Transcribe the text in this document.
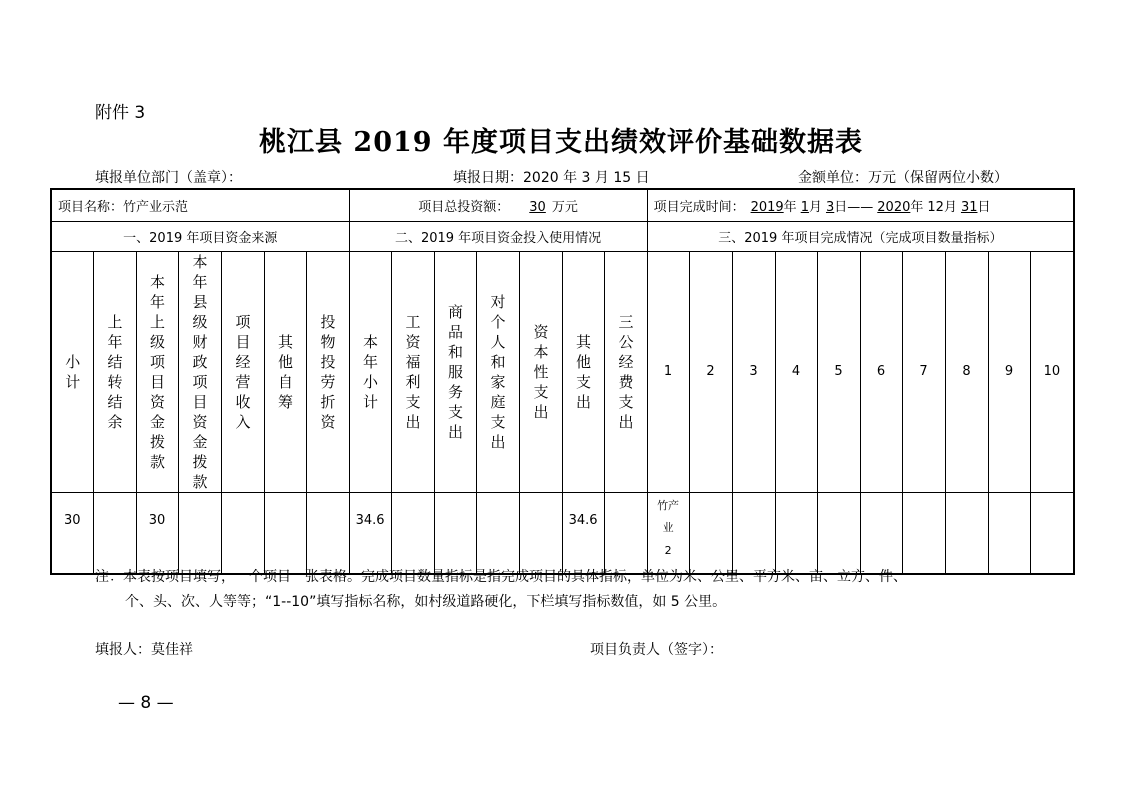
附件 3
桃江县 2019 年度项目支出绩效评价基础数据表
填报单位部门（盖章）：	填报日期：2020 年 3 月 15 日	金额单位：万元（保留两位小数）
项目名称：竹产业示范							项目总投资额： 30 万元							项目完成时间： 2019年 1月 3日—— 2020年 12月 31日									
一、2019 年项目资金来源							二、2019 年项目资金投入使用情况							三、2019 年项目完成情况（完成项目数量指标）									
小计	上年结转结余	本年上级项目资金拨款	本年县级财政项目资金拨款	项目经营收入	其他自筹	投物投劳折资	本年小计	工资福利支出	商品和服务支出	对个人和家庭支出	资本性支出	其他支出	三公经费支出	1	2	3	4	5	6	7	8	9	10
30		30					34.6					34.6		竹产业
2									

注：本表按项目填写，一个项目一张表格。完成项目数量指标是指完成项目的具体指标，单位为米、公里、平方米、亩、立方、件、
个、头、次、人等等；“1--10”填写指标名称，如村级道路硬化，下栏填写指标数值，如 5 公里。
填报人：莫佳祥	项目负责人（签字）：
— 8 —
